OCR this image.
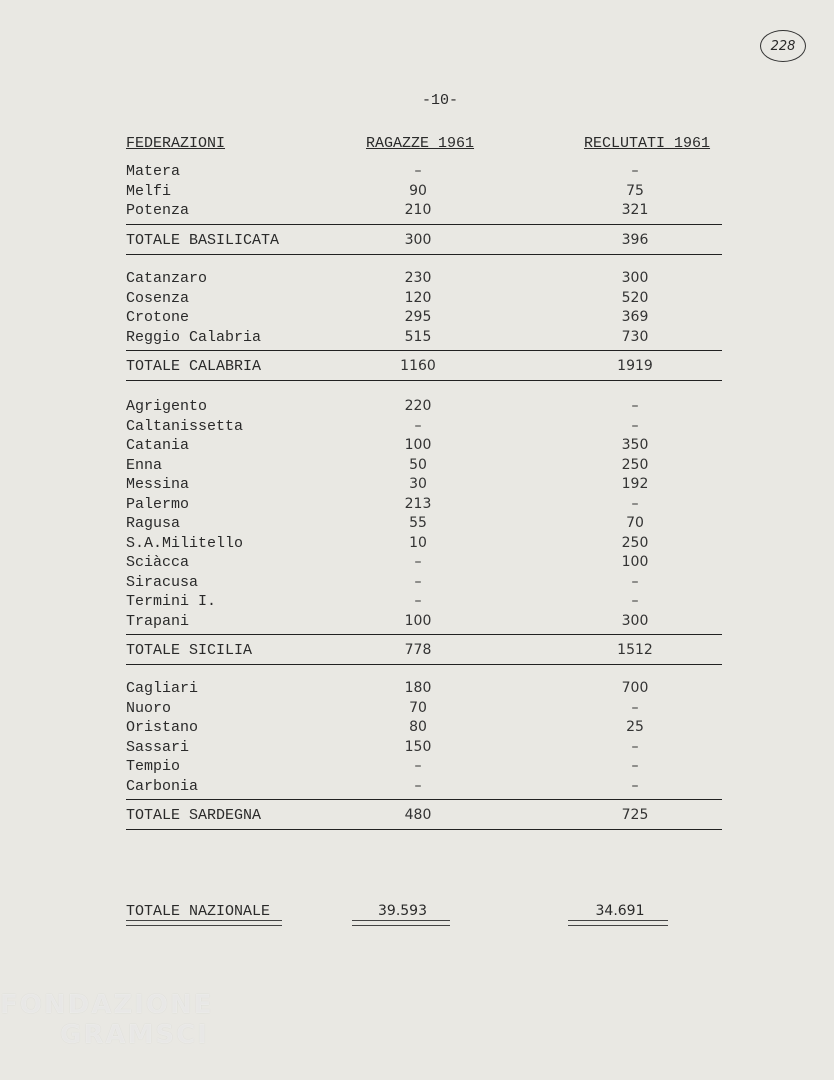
-10-
228
FEDERAZIONI	RAGAZZE 1961	RECLUTATI 1961
Matera	–	–
Melfi	90	75
Potenza	210	321
TOTALE BASILICATA	300	396
Catanzaro	230	300
Cosenza	120	520
Crotone	295	369
Reggio Calabria	515	730
TOTALE CALABRIA	1160	1919
Agrigento	220	–
Caltanissetta	–	–
Catania	100	350
Enna	50	250
Messina	30	192
Palermo	213	–
Ragusa	55	70
S.A.Militello	10	250
Sciàcca	–	100
Siracusa	–	–
Termini I.	–	–
Trapani	100	300
TOTALE SICILIA	778	1512
Cagliari	180	700
Nuoro	70	–
Oristano	80	25
Sassari	150	–
Tempio	–	–
Carbonia	–	–
TOTALE SARDEGNA	480	725
TOTALE NAZIONALE	39.593	34.691
FONDAZIONE
GRAMSCI
